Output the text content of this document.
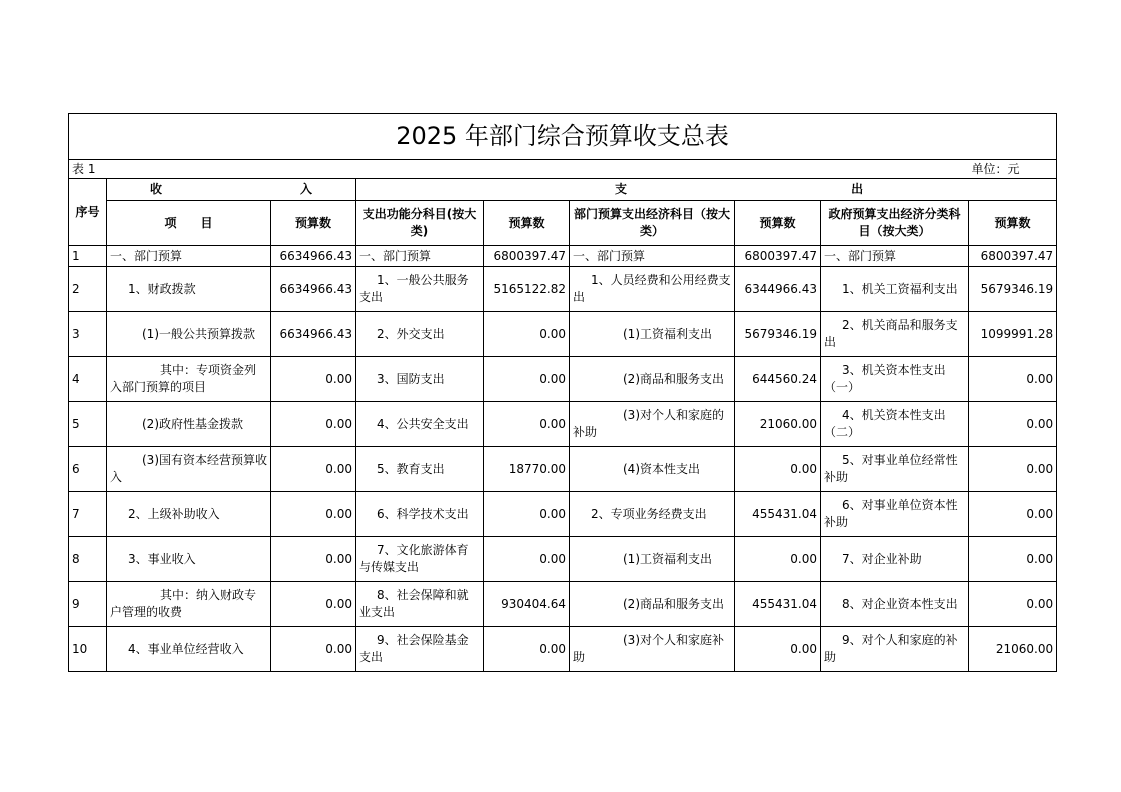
2025 年部门综合预算收支总表								
表 1								单位：元
序号	收 入		支 出					

	项　　目	预算数	支出功能分科目(按大类)	预算数	部门预算支出经济科目（按大类）	预算数	政府预算支出经济分类科目（按大类）	预算数
1	一、部门预算	6634966.43	一、部门预算	6800397.47	一、部门预算	6800397.47	一、部门预算	6800397.47
2	1、财政拨款	6634966.43	1、一般公共服务支出	5165122.82	1、人员经费和公用经费支出	6344966.43	1、机关工资福利支出	5679346.19
3	(1)一般公共预算拨款	6634966.43	2、外交支出	0.00	(1)工资福利支出	5679346.19	2、机关商品和服务支出	1099991.28
4	其中：专项资金列入部门预算的项目	0.00	3、国防支出	0.00	(2)商品和服务支出	644560.24	3、机关资本性支出（一）	0.00
5	(2)政府性基金拨款	0.00	4、公共安全支出	0.00	(3)对个人和家庭的补助	21060.00	4、机关资本性支出（二）	0.00
6	(3)国有资本经营预算收入	0.00	5、教育支出	18770.00	(4)资本性支出	0.00	5、对事业单位经常性补助	0.00
7	2、上级补助收入	0.00	6、科学技术支出	0.00	2、专项业务经费支出	455431.04	6、对事业单位资本性补助	0.00
8	3、事业收入	0.00	7、文化旅游体育与传媒支出	0.00	(1)工资福利支出	0.00	7、对企业补助	0.00
9	其中：纳入财政专户管理的收费	0.00	8、社会保障和就业支出	930404.64	(2)商品和服务支出	455431.04	8、对企业资本性支出	0.00
10	4、事业单位经营收入	0.00	9、社会保险基金支出	0.00	(3)对个人和家庭补助	0.00	9、对个人和家庭的补助	21060.00
